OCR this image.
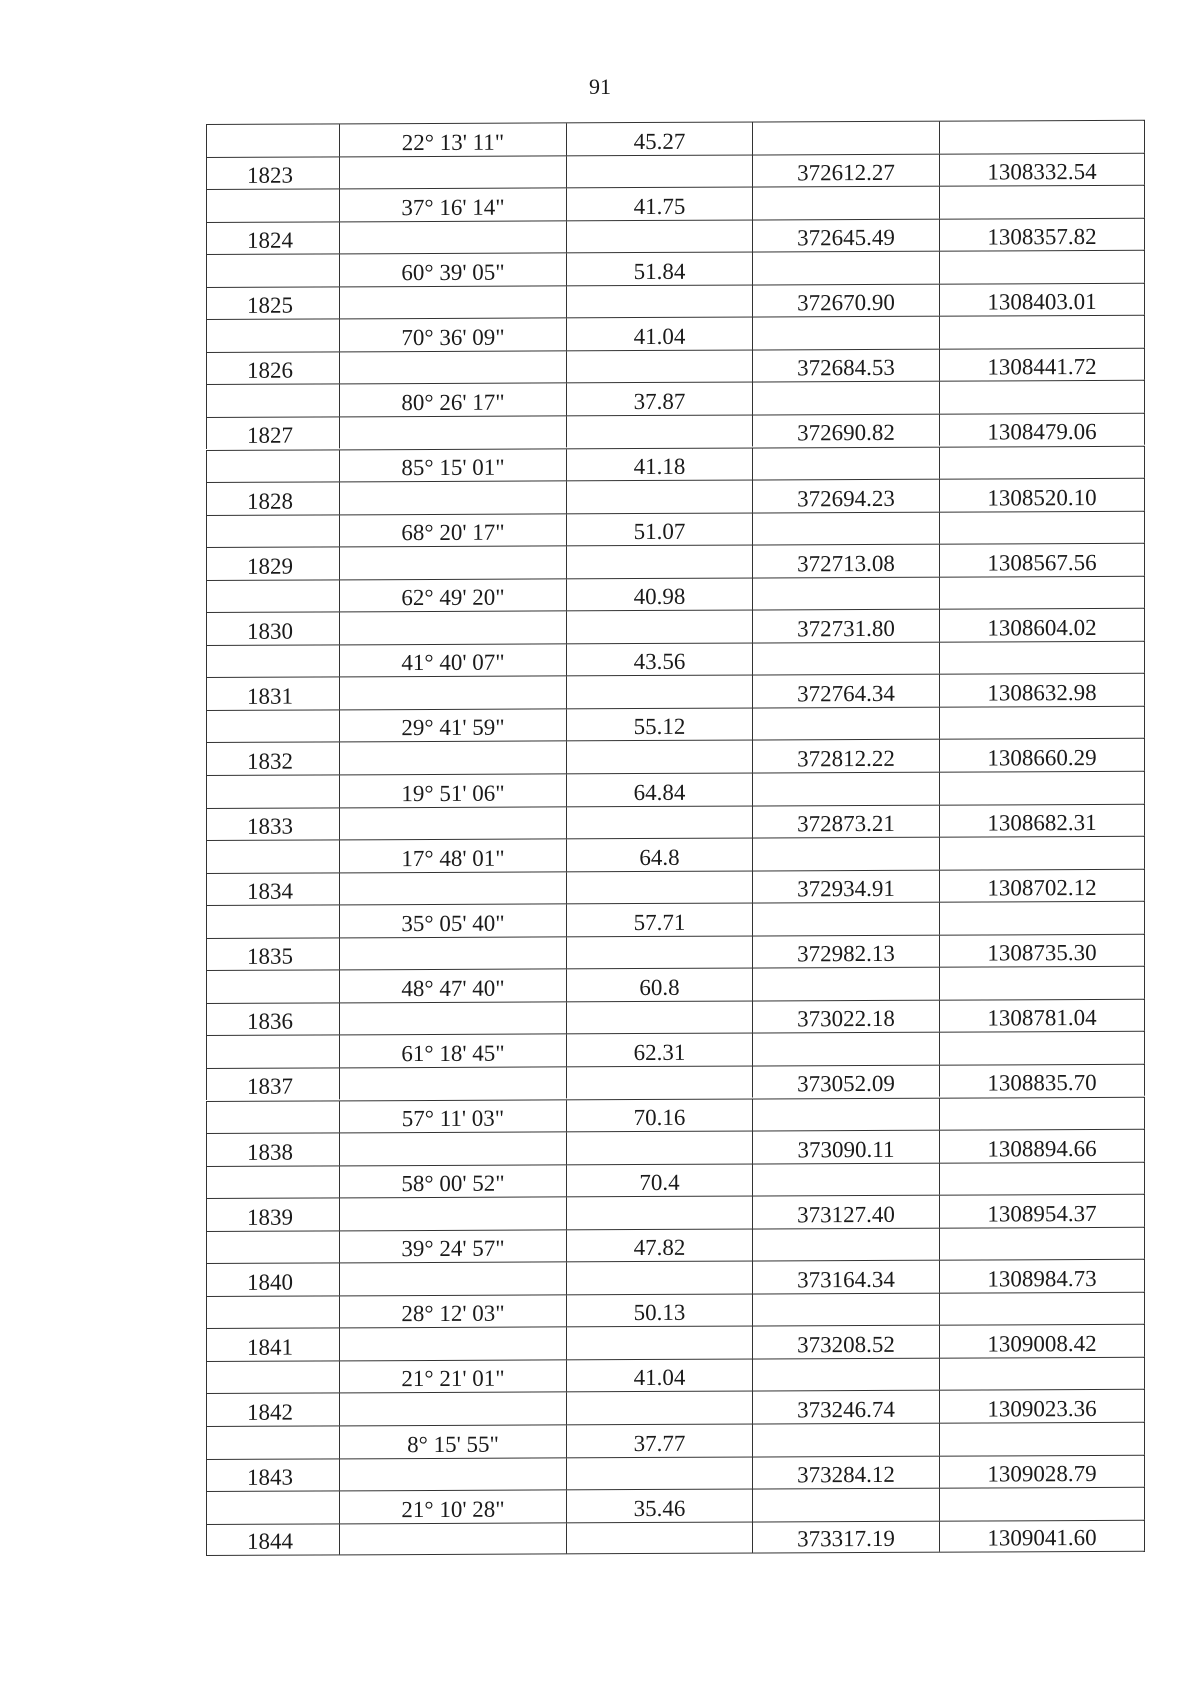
91
22° 13' 11"	45.27
1823	372612.27	1308332.54
37° 16' 14"	41.75
1824	372645.49	1308357.82
60° 39' 05"	51.84
1825	372670.90	1308403.01
70° 36' 09"	41.04
1826	372684.53	1308441.72
80° 26' 17"	37.87
1827	372690.82	1308479.06
85° 15' 01"	41.18
1828	372694.23	1308520.10
68° 20' 17"	51.07
1829	372713.08	1308567.56
62° 49' 20"	40.98
1830	372731.80	1308604.02
41° 40' 07"	43.56
1831	372764.34	1308632.98
29° 41' 59"	55.12
1832	372812.22	1308660.29
19° 51' 06"	64.84
1833	372873.21	1308682.31
17° 48' 01"	64.8
1834	372934.91	1308702.12
35° 05' 40"	57.71
1835	372982.13	1308735.30
48° 47' 40"	60.8
1836	373022.18	1308781.04
61° 18' 45"	62.31
1837	373052.09	1308835.70
57° 11' 03"	70.16
1838	373090.11	1308894.66
58° 00' 52"	70.4
1839	373127.40	1308954.37
39° 24' 57"	47.82
1840	373164.34	1308984.73
28° 12' 03"	50.13
1841	373208.52	1309008.42
21° 21' 01"	41.04
1842	373246.74	1309023.36
8° 15' 55"	37.77
1843	373284.12	1309028.79
21° 10' 28"	35.46
1844	373317.19	1309041.60
